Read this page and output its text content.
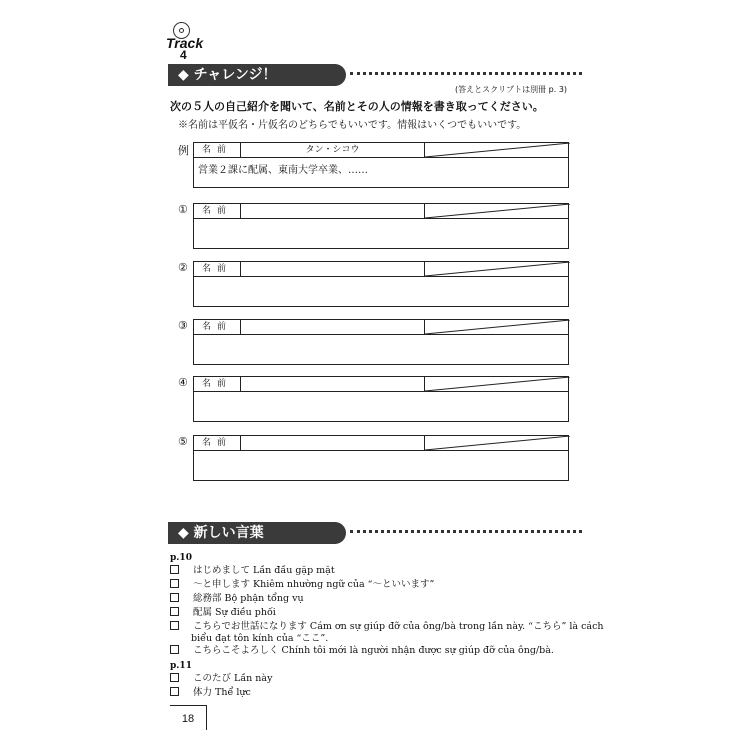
Track
4
◆ チャレンジ！
(答えとスクリプトは別冊 p. 3)
次の５人の自己紹介を聞いて、名前とその人の情報を書き取ってください。
※名前は平仮名・片仮名のどちらでもいいです。情報はいくつでもいいです。
例	名前	タン・シコウ
営業２課に配属、東南大学卒業、……
①	名前
②	名前
③	名前
④	名前
⑤	名前
◆ 新しい言葉
p.10
はじめまして Lần đầu gặp mặt
〜と申します Khiêm nhường ngữ của “〜といいます”
総務部 Bộ phận tổng vụ
配属 Sự điều phối
こちらでお世話になります Cám ơn sự giúp đỡ của ông/bà trong lần này. “こちら” là cách
biểu đạt tôn kính của “ここ”.
こちらこそよろしく Chính tôi mới là người nhận được sự giúp đỡ của ông/bà.
p.11
このたび Lần này
体力 Thể lực
18
